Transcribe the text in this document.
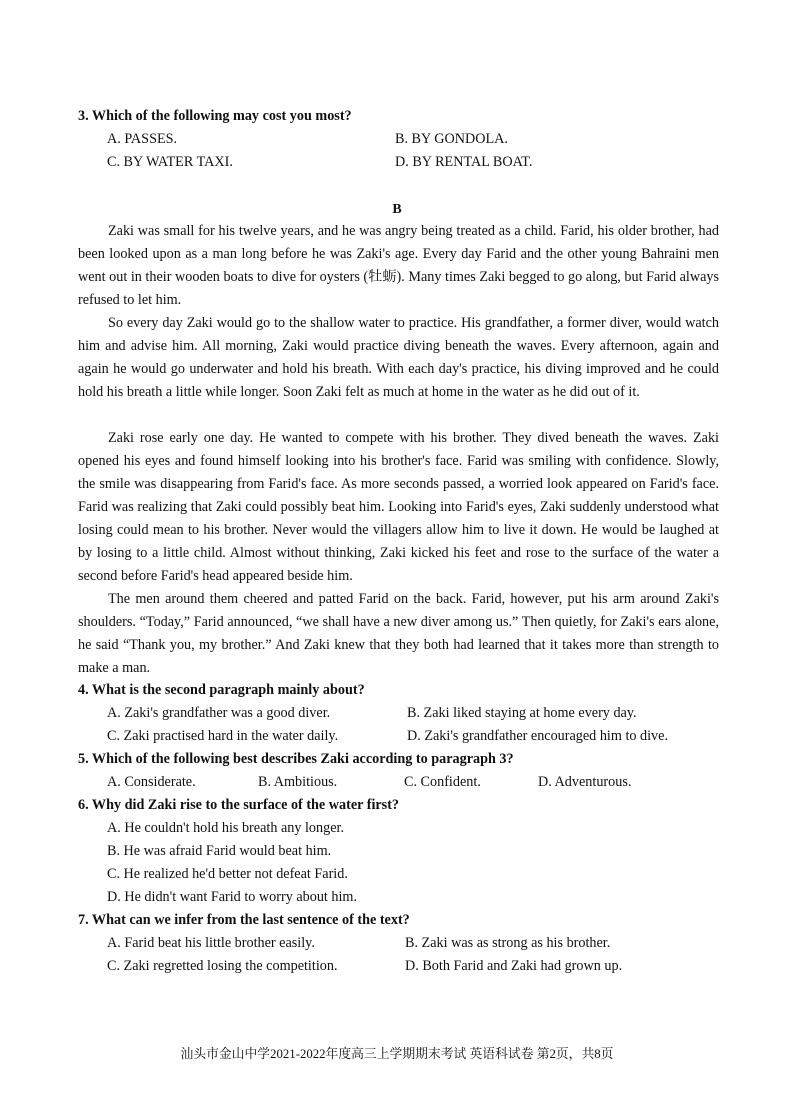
3. Which of the following may cost you most?
A. PASSES.	B. BY GONDOLA.
C. BY WATER TAXI.	D. BY RENTAL BOAT.
B

Zaki was small for his twelve years, and he was angry being treated as a child. Farid, his older brother, had been looked upon as a man long before he was Zaki's age. Every day Farid and the other young Bahraini men went out in their wooden boats to dive for oysters (牡蛎). Many times Zaki begged to go along, but Farid always refused to let him.

So every day Zaki would go to the shallow water to practice. His grandfather, a former diver, would watch him and advise him. All morning, Zaki would practice diving beneath the waves. Every afternoon, again and again he would go underwater and hold his breath. With each day's practice, his diving improved and he could hold his breath a little while longer. Soon Zaki felt as much at home in the water as he did out of it.

Zaki rose early one day. He wanted to compete with his brother. They dived beneath the waves. Zaki opened his eyes and found himself looking into his brother's face. Farid was smiling with confidence. Slowly, the smile was disappearing from Farid's face. As more seconds passed, a worried look appeared on Farid's face. Farid was realizing that Zaki could possibly beat him. Looking into Farid's eyes, Zaki suddenly understood what losing could mean to his brother. Never would the villagers allow him to live it down. He would be laughed at by losing to a little child. Almost without thinking, Zaki kicked his feet and rose to the surface of the water a second before Farid's head appeared beside him.

The men around them cheered and patted Farid on the back. Farid, however, put his arm around Zaki's shoulders. “Today,” Farid announced, “we shall have a new diver among us.” Then quietly, for Zaki's ears alone, he said “Thank you, my brother.” And Zaki knew that they both had learned that it takes more than strength to make a man.

4. What is the second paragraph mainly about?
A. Zaki's grandfather was a good diver.	B. Zaki liked staying at home every day.
C. Zaki practised hard in the water daily.	D. Zaki's grandfather encouraged him to dive.
5. Which of the following best describes Zaki according to paragraph 3?
A. Considerate.	B. Ambitious.	C. Confident.	D. Adventurous.
6. Why did Zaki rise to the surface of the water first?
A. He couldn't hold his breath any longer.
B. He was afraid Farid would beat him.
C. He realized he'd better not defeat Farid.
D. He didn't want Farid to worry about him.
7. What can we infer from the last sentence of the text?
A. Farid beat his little brother easily.	B. Zaki was as strong as his brother.
C. Zaki regretted losing the competition.	D. Both Farid and Zaki had grown up.
汕头市金山中学2021-2022年度高三上学期期末考试 英语科试卷 第2页，共8页
